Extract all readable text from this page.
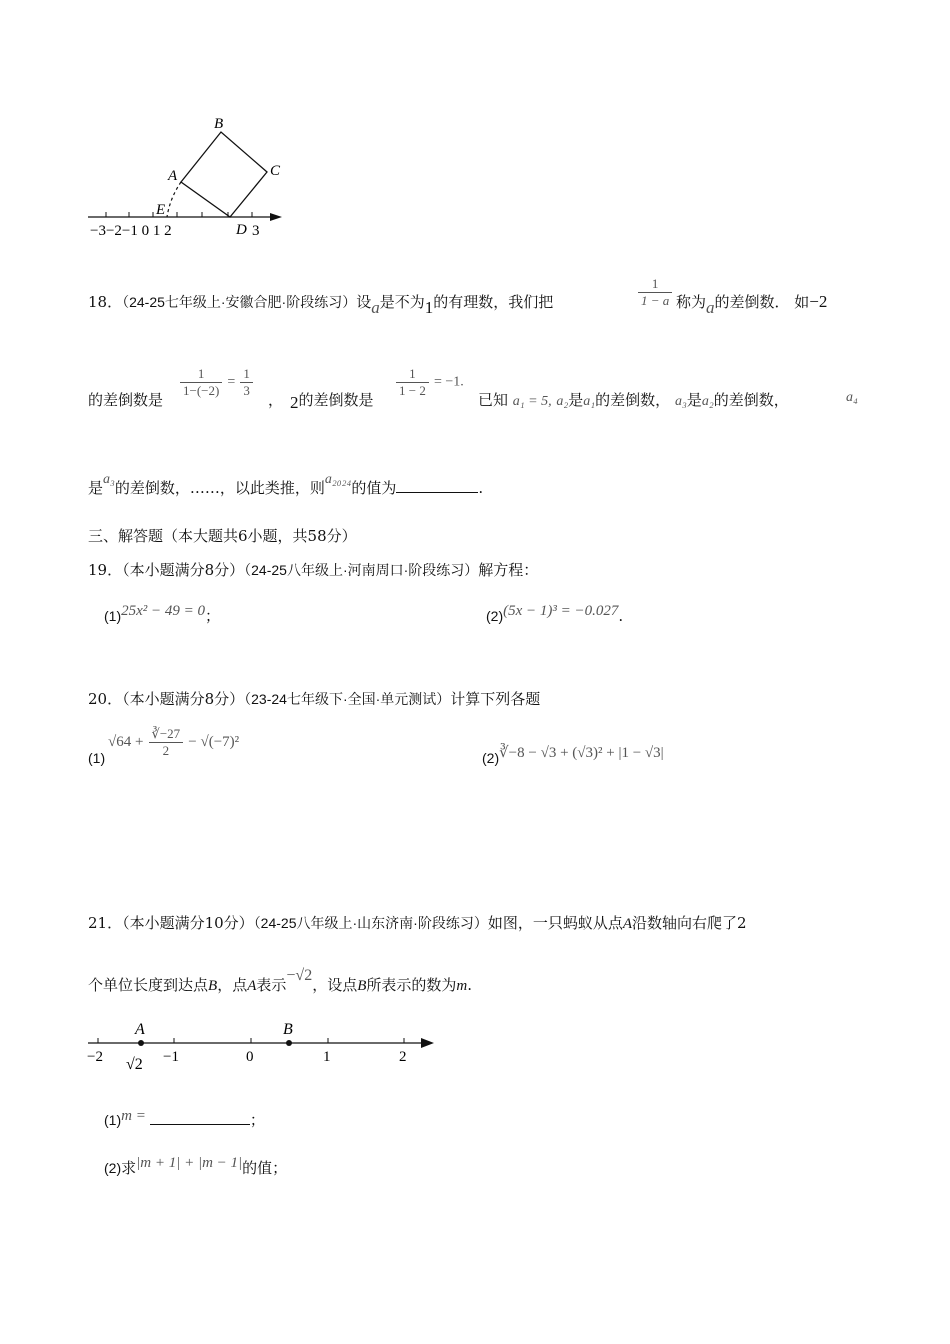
B
A	C
E
D
−3−2−1 0 1 2	3
18．（24-25七年级上·安徽合肥·阶段练习）设a是不为1的有理数，我们把	$\frac{1}{1 - a}$ 称为a的差倒数． 如−2
的差倒数是
$\frac{1}{1-(-2)} = \frac{1}{3}$
， 2的差倒数是
$\frac{1}{1 - 2} = -1$.
已知 a₁ = 5, a₂是a₁的差倒数， a₃是a₂的差倒数，	a₄
是a₃的差倒数，……，以此类推，则a₂₀₂₄的值为	.
三、解答题（本大题共6小题，共58分）
19．（本小题满分8分）（24-25八年级上·河南周口·阶段练习）解方程：
(1)25x² − 49 = 0；	(2)(5x − 1)³ = −0.027.
20．（本小题满分8分）（23-24七年级下·全国·单元测试）计算下列各题
(1)
$√64 + \frac{∛-27}{2} - √(-7)^2$
(2)∛−8 − √3 + (√3)² + |1 − √3|
21．（本小题满分10分）（24-25八年级上·山东济南·阶段练习）如图，一只蚂蚁从点A沿数轴向右爬了2
个单位长度到达点B，点A表示−√2，设点B所表示的数为m.
A	B
−2	−1	0	1	2
√2
(1)m =	；
(2)求|m + 1| + |m − 1|的值；
